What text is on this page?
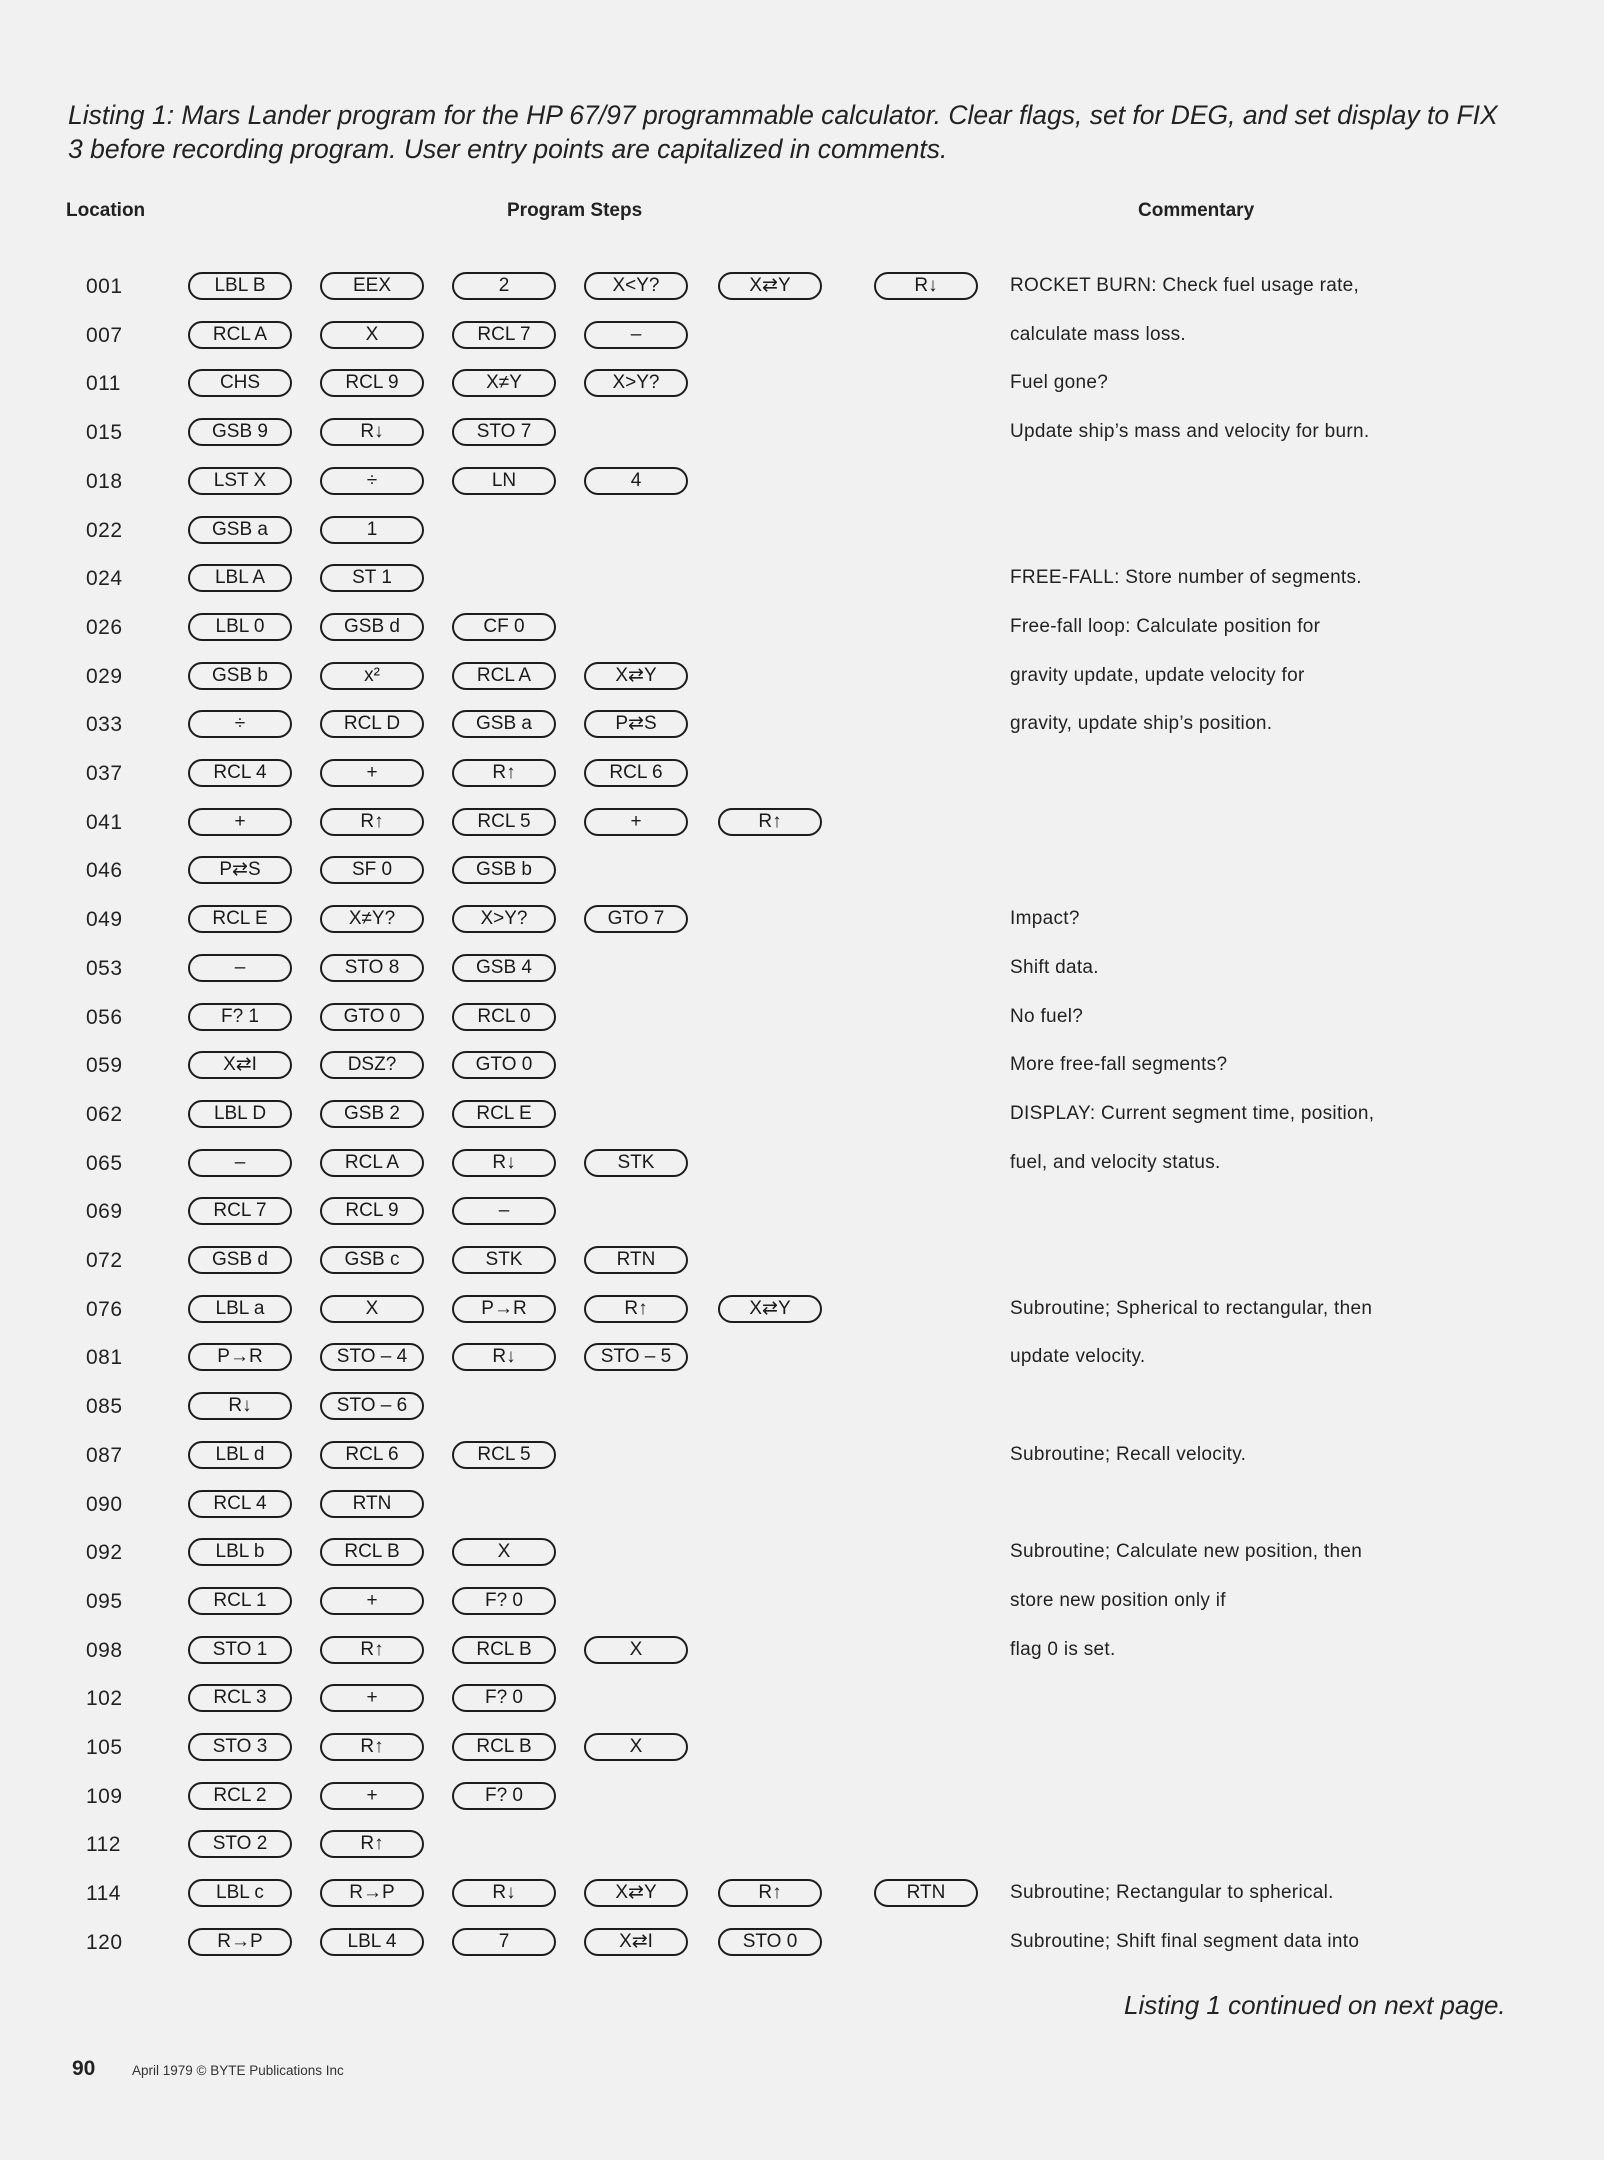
Listing 1: Mars Lander program for the HP 67/97 programmable calculator. Clear flags, set for DEG, and set display to FIX 3 before recording program. User entry points are capitalized in comments.
Location	Program Steps	Commentary
001	LBL B	EEX	2	X<Y?	X⇄Y	R↓	ROCKET BURN: Check fuel usage rate,
007	RCL A	X	RCL 7	–	calculate mass loss.
011	CHS	RCL 9	X≠Y	X>Y?	Fuel gone?
015	GSB 9	R↓	STO 7	Update ship’s mass and velocity for burn.
018	LST X	÷	LN	4
022	GSB a	1
024	LBL A	ST 1	FREE-FALL: Store number of segments.
026	LBL 0	GSB d	CF 0	Free-fall loop: Calculate position for
029	GSB b	x²	RCL A	X⇄Y	gravity update, update velocity for
033	÷	RCL D	GSB a	P⇄S	gravity, update ship’s position.
037	RCL 4	+	R↑	RCL 6
041	+	R↑	RCL 5	+	R↑
046	P⇄S	SF 0	GSB b
049	RCL E	X≠Y?	X>Y?	GTO 7	Impact?
053	–	STO 8	GSB 4	Shift data.
056	F? 1	GTO 0	RCL 0	No fuel?
059	X⇄I	DSZ?	GTO 0	More free-fall segments?
062	LBL D	GSB 2	RCL E	DISPLAY: Current segment time, position,
065	–	RCL A	R↓	STK	fuel, and velocity status.
069	RCL 7	RCL 9	–
072	GSB d	GSB c	STK	RTN
076	LBL a	X	P→R	R↑	X⇄Y	Subroutine; Spherical to rectangular, then
081	P→R	STO – 4	R↓	STO – 5	update velocity.
085	R↓	STO – 6
087	LBL d	RCL 6	RCL 5	Subroutine; Recall velocity.
090	RCL 4	RTN
092	LBL b	RCL B	X	Subroutine; Calculate new position, then
095	RCL 1	+	F? 0	store new position only if
098	STO 1	R↑	RCL B	X	flag 0 is set.
102	RCL 3	+	F? 0
105	STO 3	R↑	RCL B	X
109	RCL 2	+	F? 0
112	STO 2	R↑
114	LBL c	R→P	R↓	X⇄Y	R↑	RTN	Subroutine; Rectangular to spherical.
120	R→P	LBL 4	7	X⇄I	STO 0	Subroutine; Shift final segment data into
Listing 1 continued on next page.
90	April 1979 © BYTE Publications Inc
